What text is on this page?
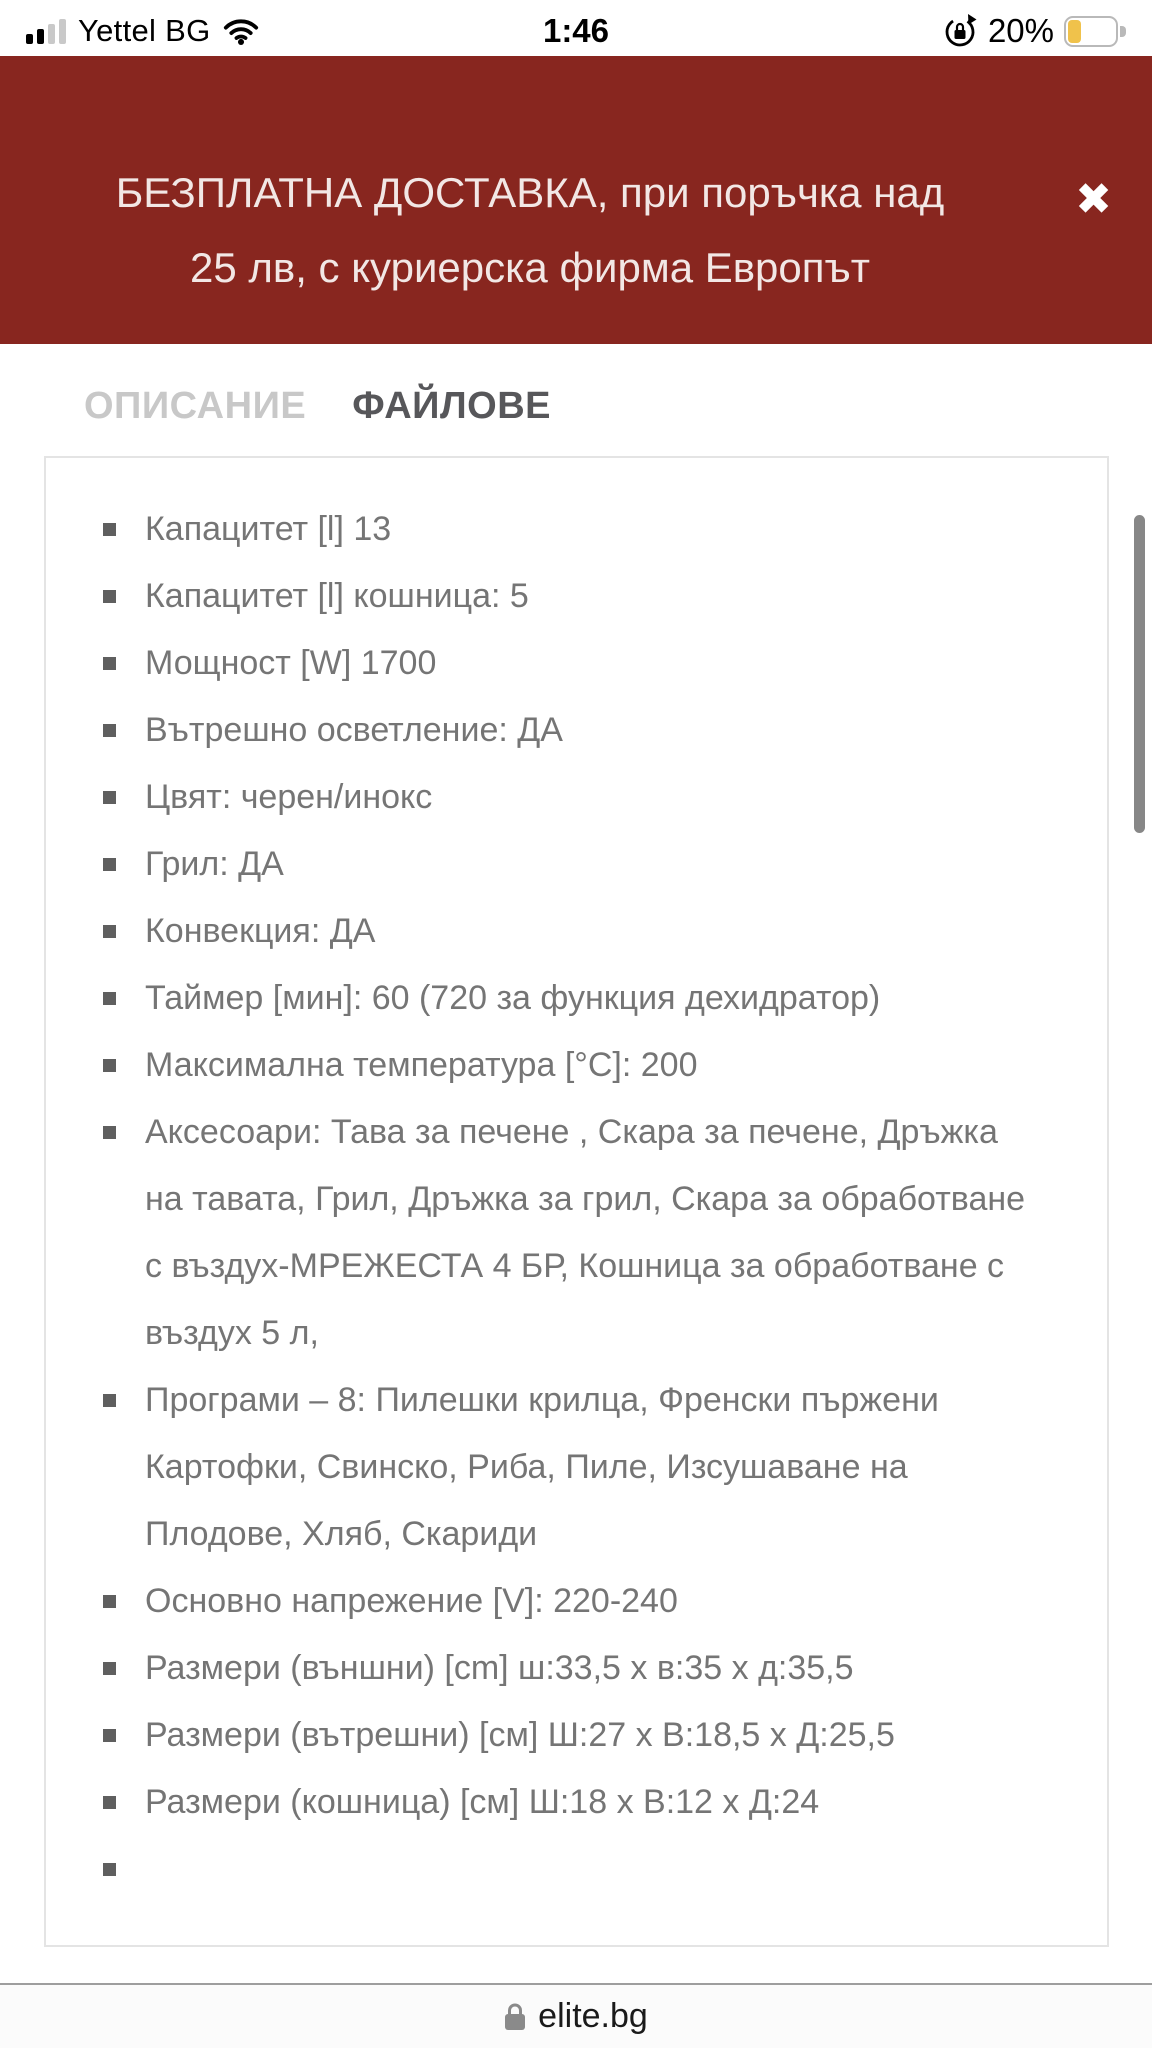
Yettel BG	1:46	20%
БЕЗПЛАТНА ДОСТАВКА, при поръчка над 25 лв, с куриерска фирма Европът
✖
ОПИСАНИЕ ФАЙЛОВЕ
Капацитет [l] 13
Капацитет [l] кошница: 5
Мощност [W] 1700
Вътрешно осветление: ДА
Цвят: черен/инокс
Грил: ДА
Конвекция: ДА
Таймер [мин]: 60 (720 за функция дехидратор)
Максимална температура [°C]: 200
Аксесоари: Тава за печене , Скара за печене, Дръжка на тавата, Грил, Дръжка за грил, Скара за обработване с въздух-МРЕЖЕСТА 4 БР, Кошница за обработване с въздух 5 л,
Програми – 8: Пилешки крилца, Френски пържени Картофки, Свинско, Риба, Пиле, Изсушаване на Плодове, Хляб, Скариди
Основно напрежение [V]: 220-240
Размери (външни) [cm] ш:33,5 х в:35 х д:35,5
Размери (вътрешни) [см] Ш:27 х В:18,5 х Д:25,5
Размери (кошница) [см] Ш:18 х В:12 х Д:24
elite.bg
